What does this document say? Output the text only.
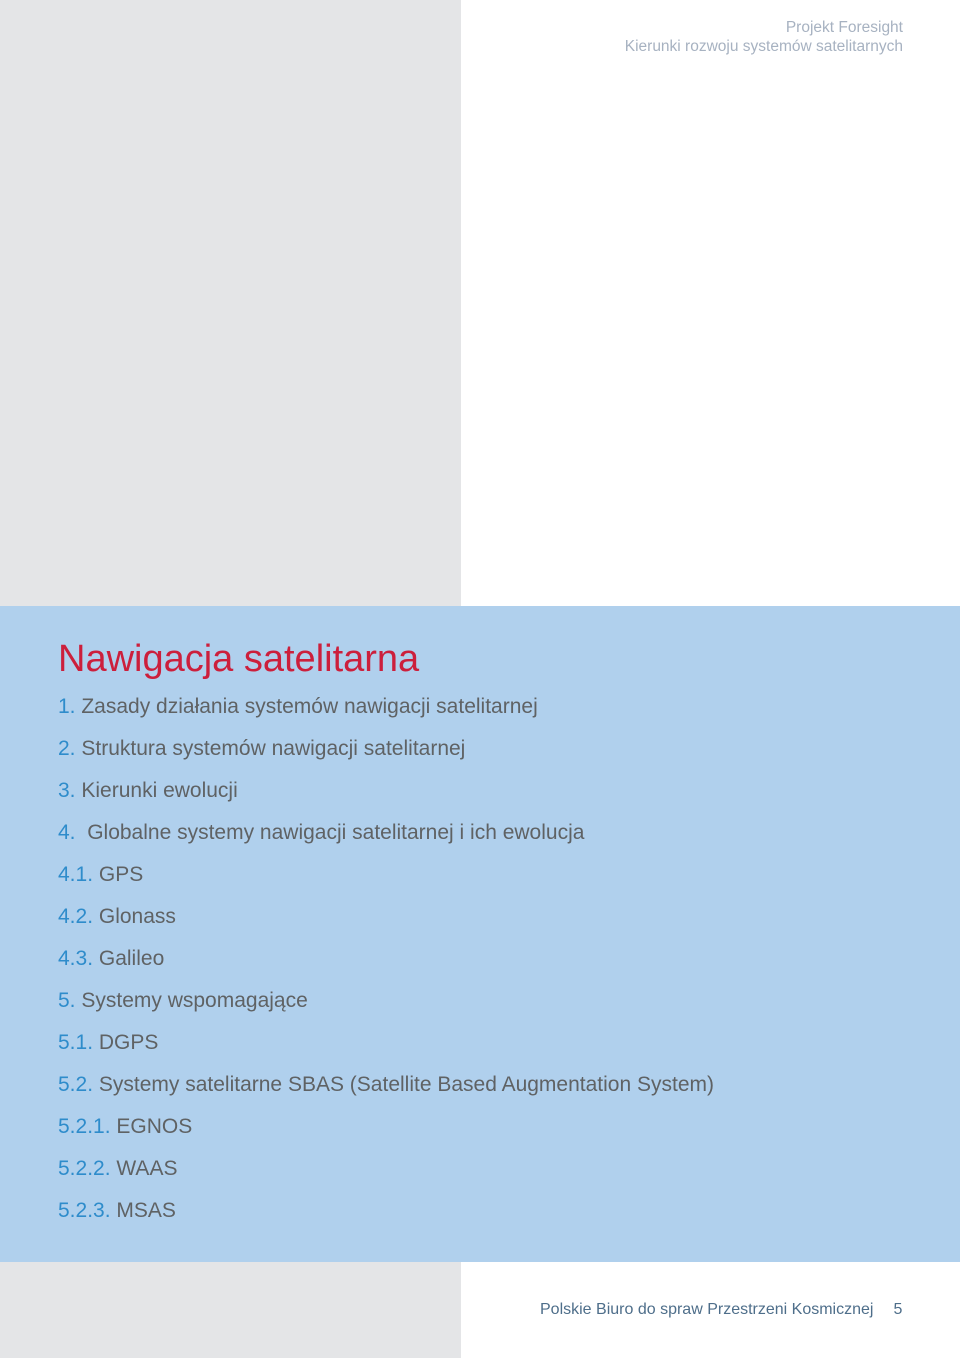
Projekt Foresight
Kierunki rozwoju systemów satelitarnych
Nawigacja satelitarna
1. Zasady działania systemów nawigacji satelitarnej
2. Struktura systemów nawigacji satelitarnej
3. Kierunki ewolucji
4. Globalne systemy nawigacji satelitarnej i ich ewolucja
4.1. GPS
4.2. Glonass
4.3. Galileo
5. Systemy wspomagające
5.1. DGPS
5.2. Systemy satelitarne SBAS (Satellite Based Augmentation System)
5.2.1. EGNOS
5.2.2. WAAS
5.2.3. MSAS
Polskie Biuro do spraw Przestrzeni Kosmicznej 5
